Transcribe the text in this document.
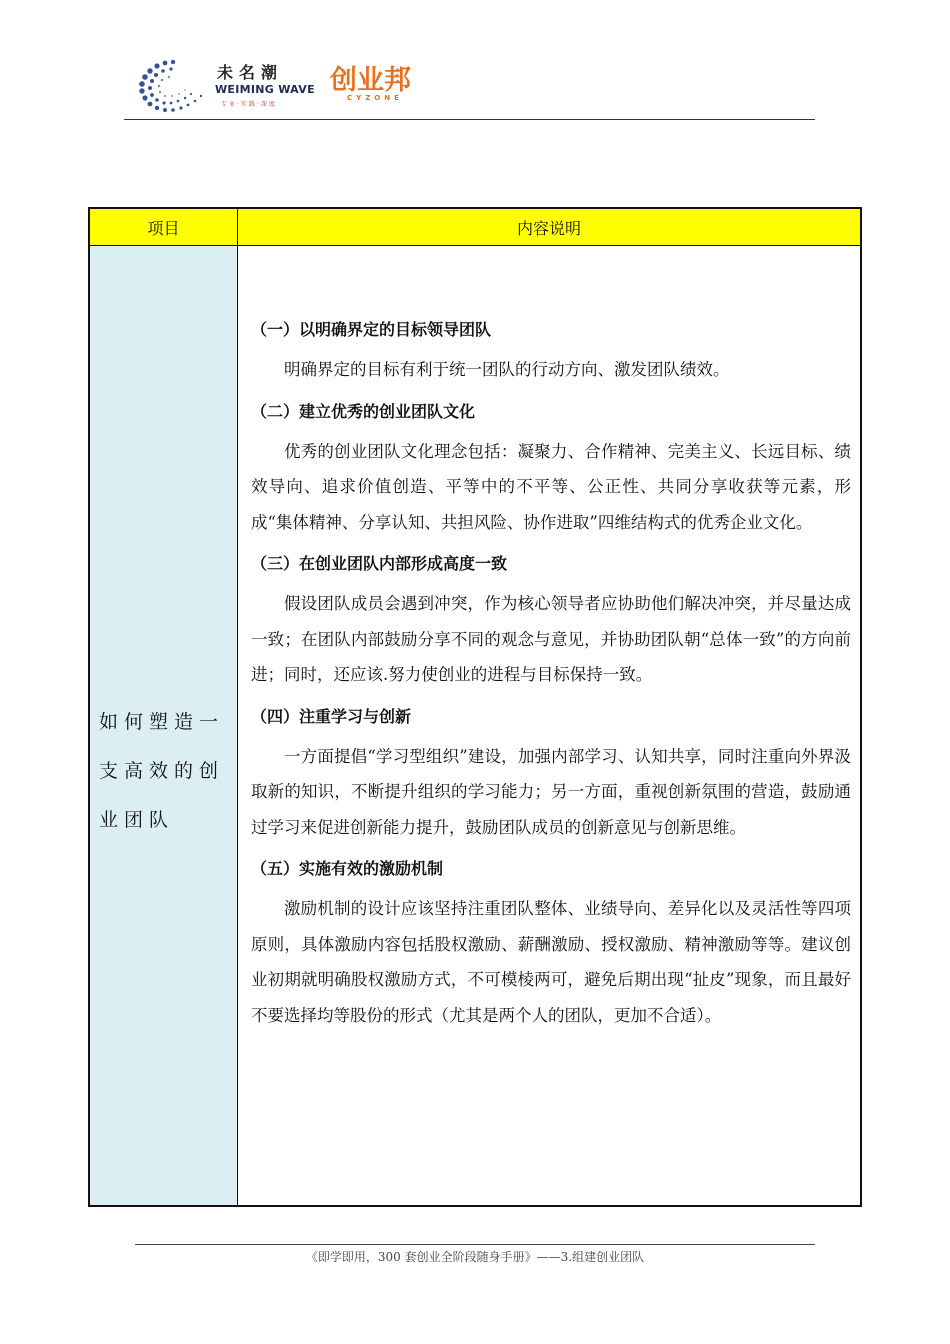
未名潮
WEIMING WAVE
专业·实践·深度
创业邦
CYZONE
项目	内容说明
如何塑造一支高效的创业团队
（一）以明确界定的目标领导团队

明确界定的目标有利于统一团队的行动方向、激发团队绩效。

（二）建立优秀的创业团队文化

优秀的创业团队文化理念包括：凝聚力、合作精神、完美主义、长远目标、绩效导向、追求价值创造、平等中的不平等、公正性、共同分享收获等元素，形成“集体精神、分享认知、共担风险、协作进取”四维结构式的优秀企业文化。

（三）在创业团队内部形成高度一致

假设团队成员会遇到冲突，作为核心领导者应协助他们解决冲突，并尽量达成一致；在团队内部鼓励分享不同的观念与意见，并协助团队朝“总体一致”的方向前进；同时，还应该.努力使创业的进程与目标保持一致。

（四）注重学习与创新

一方面提倡“学习型组织”建设，加强内部学习、认知共享，同时注重向外界汲取新的知识，不断提升组织的学习能力；另一方面，重视创新氛围的营造，鼓励通过学习来促进创新能力提升，鼓励团队成员的创新意见与创新思维。

（五）实施有效的激励机制

激励机制的设计应该坚持注重团队整体、业绩导向、差异化以及灵活性等四项原则，具体激励内容包括股权激励、薪酬激励、授权激励、精神激励等等。建议创业初期就明确股权激励方式，不可模棱两可，避免后期出现“扯皮”现象，而且最好不要选择均等股份的形式（尤其是两个人的团队，更加不合适）。

《即学即用，300 套创业全阶段随身手册》——3.组建创业团队
